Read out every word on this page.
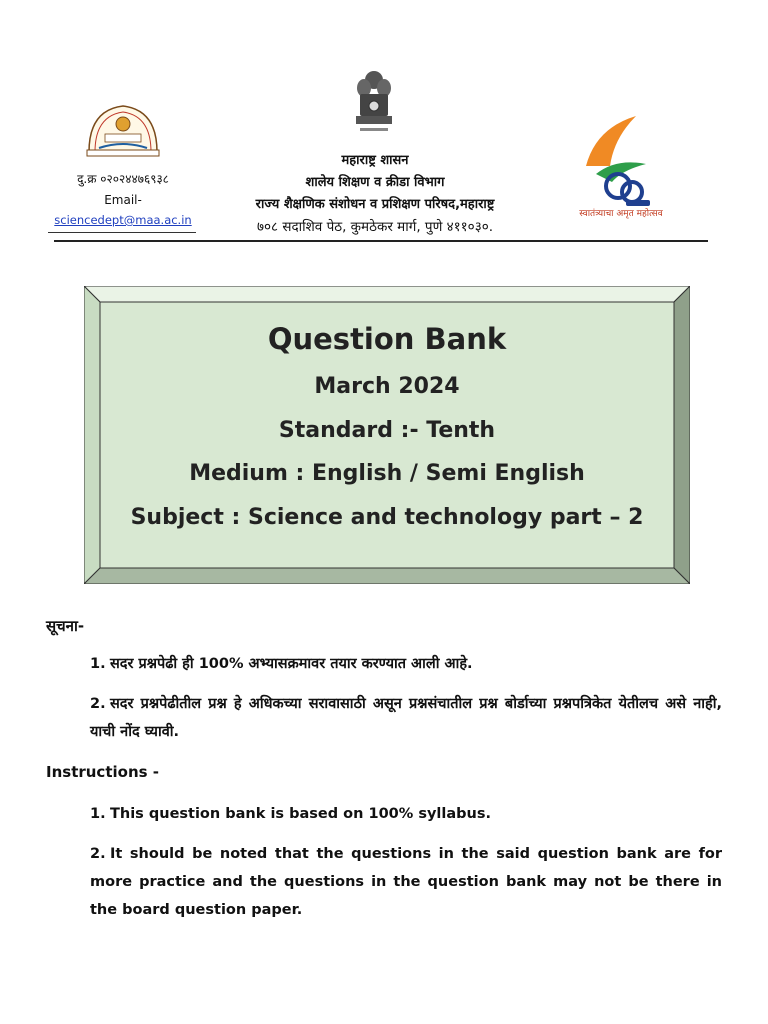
दु.क्र ०२०२४४७६९३८
Email-
sciencedept@maa.ac.in
महाराष्ट्र शासन
शालेय शिक्षण व क्रीडा विभाग
राज्य शैक्षणिक संशोधन व प्रशिक्षण परिषद,महाराष्ट्र
७०८ सदाशिव पेठ, कुमठेकर मार्ग, पुणे ४११०३०.
स्वातंत्र्याचा अमृत महोत्सव
Question Bank
March 2024
Standard :- Tenth
Medium : English / Semi English
Subject : Science and technology part – 2
सूचना-
1. सदर प्रश्नपेढी ही 100% अभ्यासक्रमावर तयार करण्यात आली आहे.
2. सदर प्रश्नपेढीतील प्रश्न हे अधिकच्या सरावासाठी असून प्रश्नसंचातील प्रश्न बोर्डाच्या प्रश्नपत्रिकेत येतीलच असे नाही, याची नोंद घ्यावी.
Instructions -
1. This question bank is based on 100% syllabus.
2. It should be noted that the questions in the said question bank are for more practice and the questions in the question bank may not be there in the board question paper.
